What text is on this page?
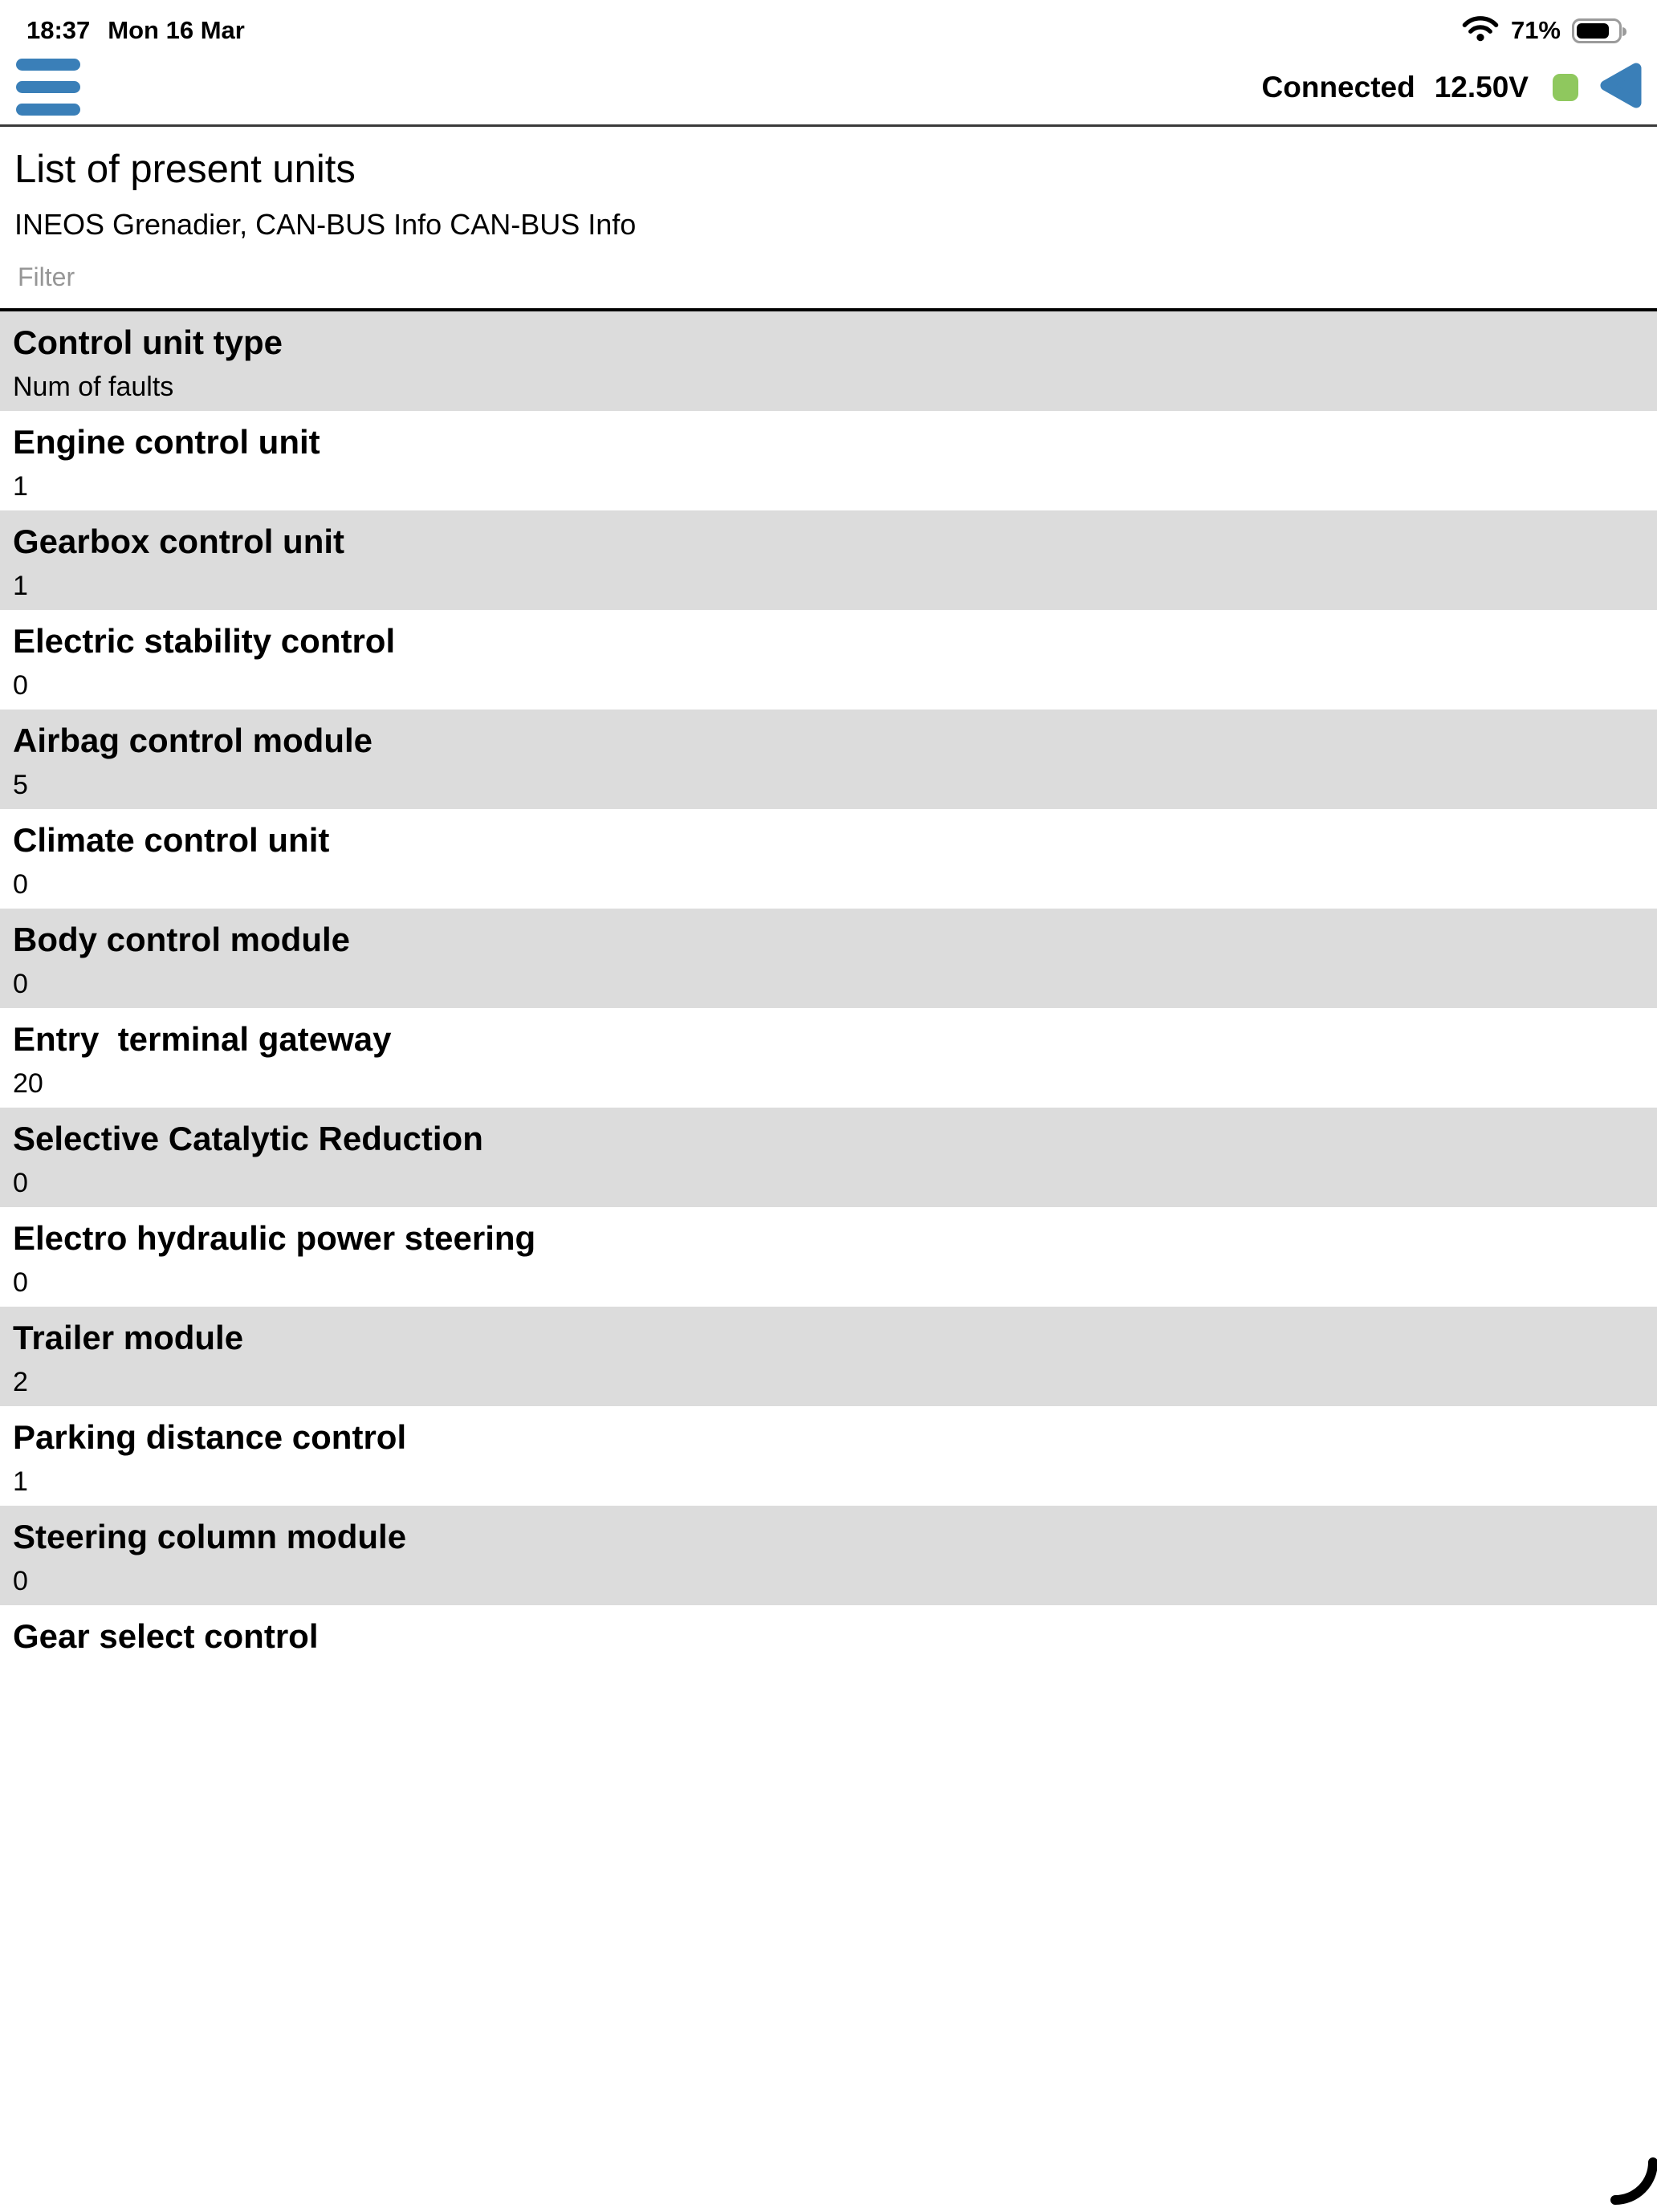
18:37 Mon 16 Mar	71%
Connected 12.50V
List of present units
INEOS Grenadier, CAN-BUS Info CAN-BUS Info
Filter
Control unit type
Num of faults
Engine control unit
1
Gearbox control unit
1
Electric stability control
0
Airbag control module
5
Climate control unit
0
Body control module
0
Entry  terminal gateway
20
Selective Catalytic Reduction
0
Electro hydraulic power steering
0
Trailer module
2
Parking distance control
1
Steering column module
0
Gear select control
